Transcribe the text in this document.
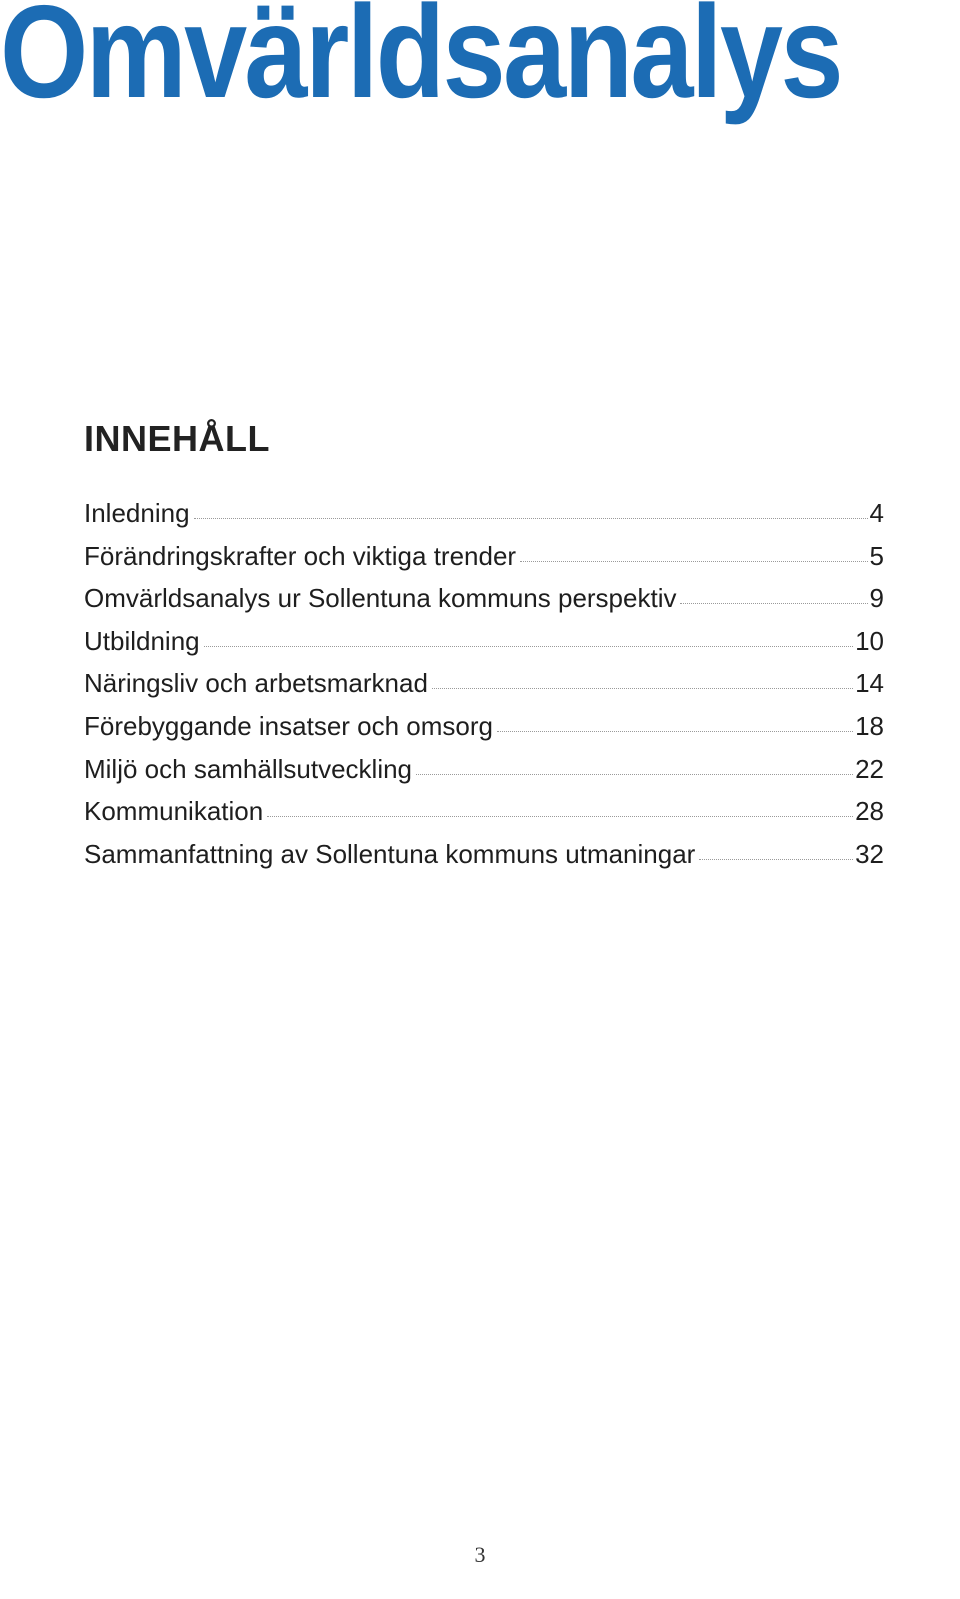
Omvärldsanalys
INNEHÅLL
Inledning	4
Förändringskrafter och viktiga trender	5
Omvärldsanalys ur Sollentuna kommuns perspektiv	9
Utbildning	10
Näringsliv och arbetsmarknad	14
Förebyggande insatser och omsorg	18
Miljö och samhällsutveckling	22
Kommunikation	28
Sammanfattning av Sollentuna kommuns utmaningar	32
3
